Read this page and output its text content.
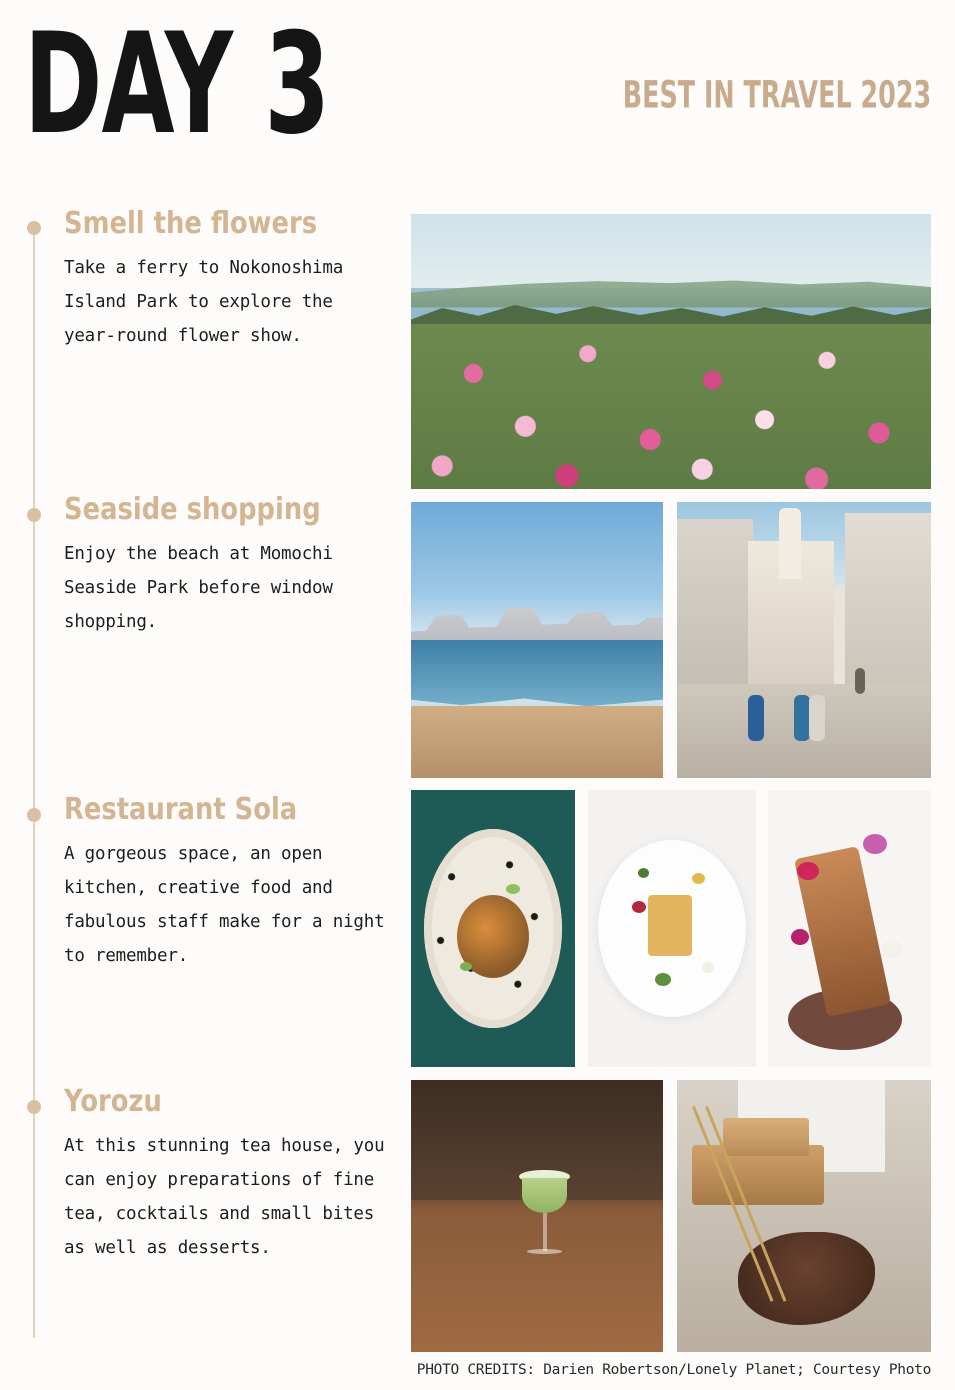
DAY 3	BEST IN TRAVEL 2023
Smell the flowers
Take a ferry to Nokonoshima Island Park to explore the year-round flower show.
Seaside shopping
Enjoy the beach at Momochi Seaside Park before window shopping.
Restaurant Sola
A gorgeous space, an open kitchen, creative food and fabulous staff make for a night to remember.
Yorozu
At this stunning tea house, you can enjoy preparations of fine tea, cocktails and small bites as well as desserts.
PHOTO CREDITS: Darien Robertson/Lonely Planet; Courtesy Photo
